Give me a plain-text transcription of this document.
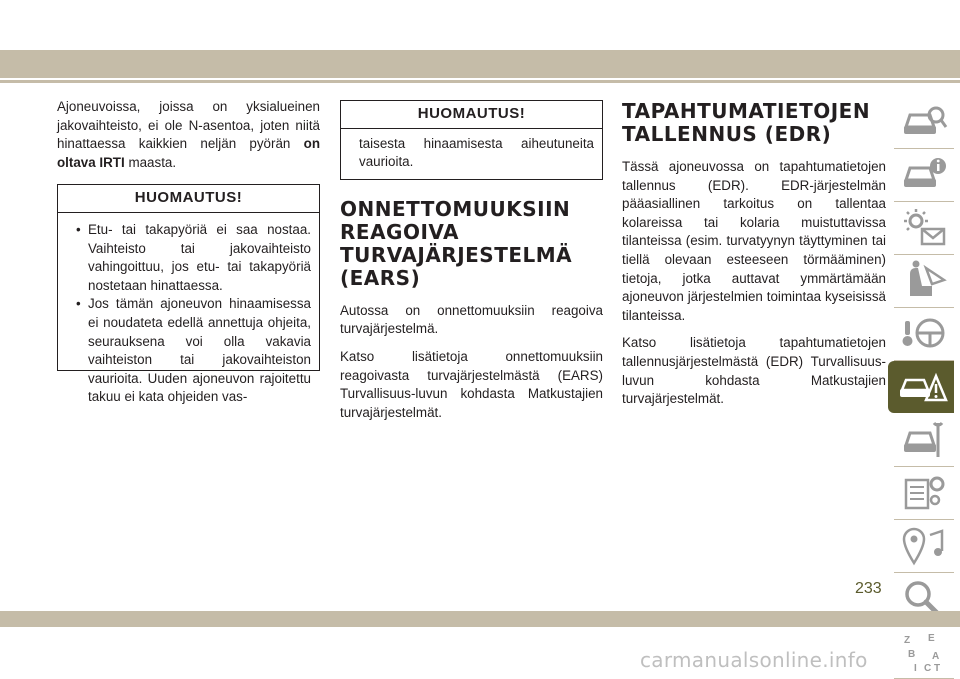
Ajoneuvoissa, joissa on yksialueinen jakovaihteisto, ei ole N-asentoa, joten niitä hinattaessa kaikkien neljän pyörän on oltava IRTI maasta.

HUOMAUTUS!
• Etu- tai takapyöriä ei saa nostaa. Vaihteisto tai jakovaihteisto vahingoittuu, jos etu- tai takapyöriä nostetaan hinattaessa.
• Jos tämän ajoneuvon hinaamisessa ei noudateta edellä annettuja ohjeita, seurauksena voi olla vakavia vaihteiston tai jakovaihteiston vaurioita. Uuden ajoneuvon rajoitettu takuu ei kata ohjeiden vas-
HUOMAUTUS!
taisesta hinaamisesta aiheutuneita vaurioita.
ONNETTOMUUKSIIN REAGOIVA TURVAJÄRJESTELMÄ (EARS)

Autossa on onnettomuuksiin reagoiva turvajärjestelmä.

Katso lisätietoja onnettomuuksiin reagoivasta turvajärjestelmästä (EARS) Turvallisuus-luvun kohdasta Matkustajien turvajärjestelmät.

TAPAHTUMATIETOJEN TALLENNUS (EDR)

Tässä ajoneuvossa on tapahtumatietojen tallennus (EDR). EDR-järjestelmän pääasiallinen tarkoitus on tallentaa kolareissa tai kolaria muistuttavissa tilanteissa (esim. turvatyynyn täyttyminen tai tiellä olevaan esteeseen törmääminen) tietoja, jotka auttavat ymmärtämään ajoneuvon järjestelmien toimintaa kyseisissä tilanteissa.

Katso lisätietoja tapahtumatietojen tallennusjärjestelmästä (EDR) Turvallisuus-luvun kohdasta Matkustajien turvajärjestelmät.

Z E
B A
I C T
233
carmanualsonline.info
